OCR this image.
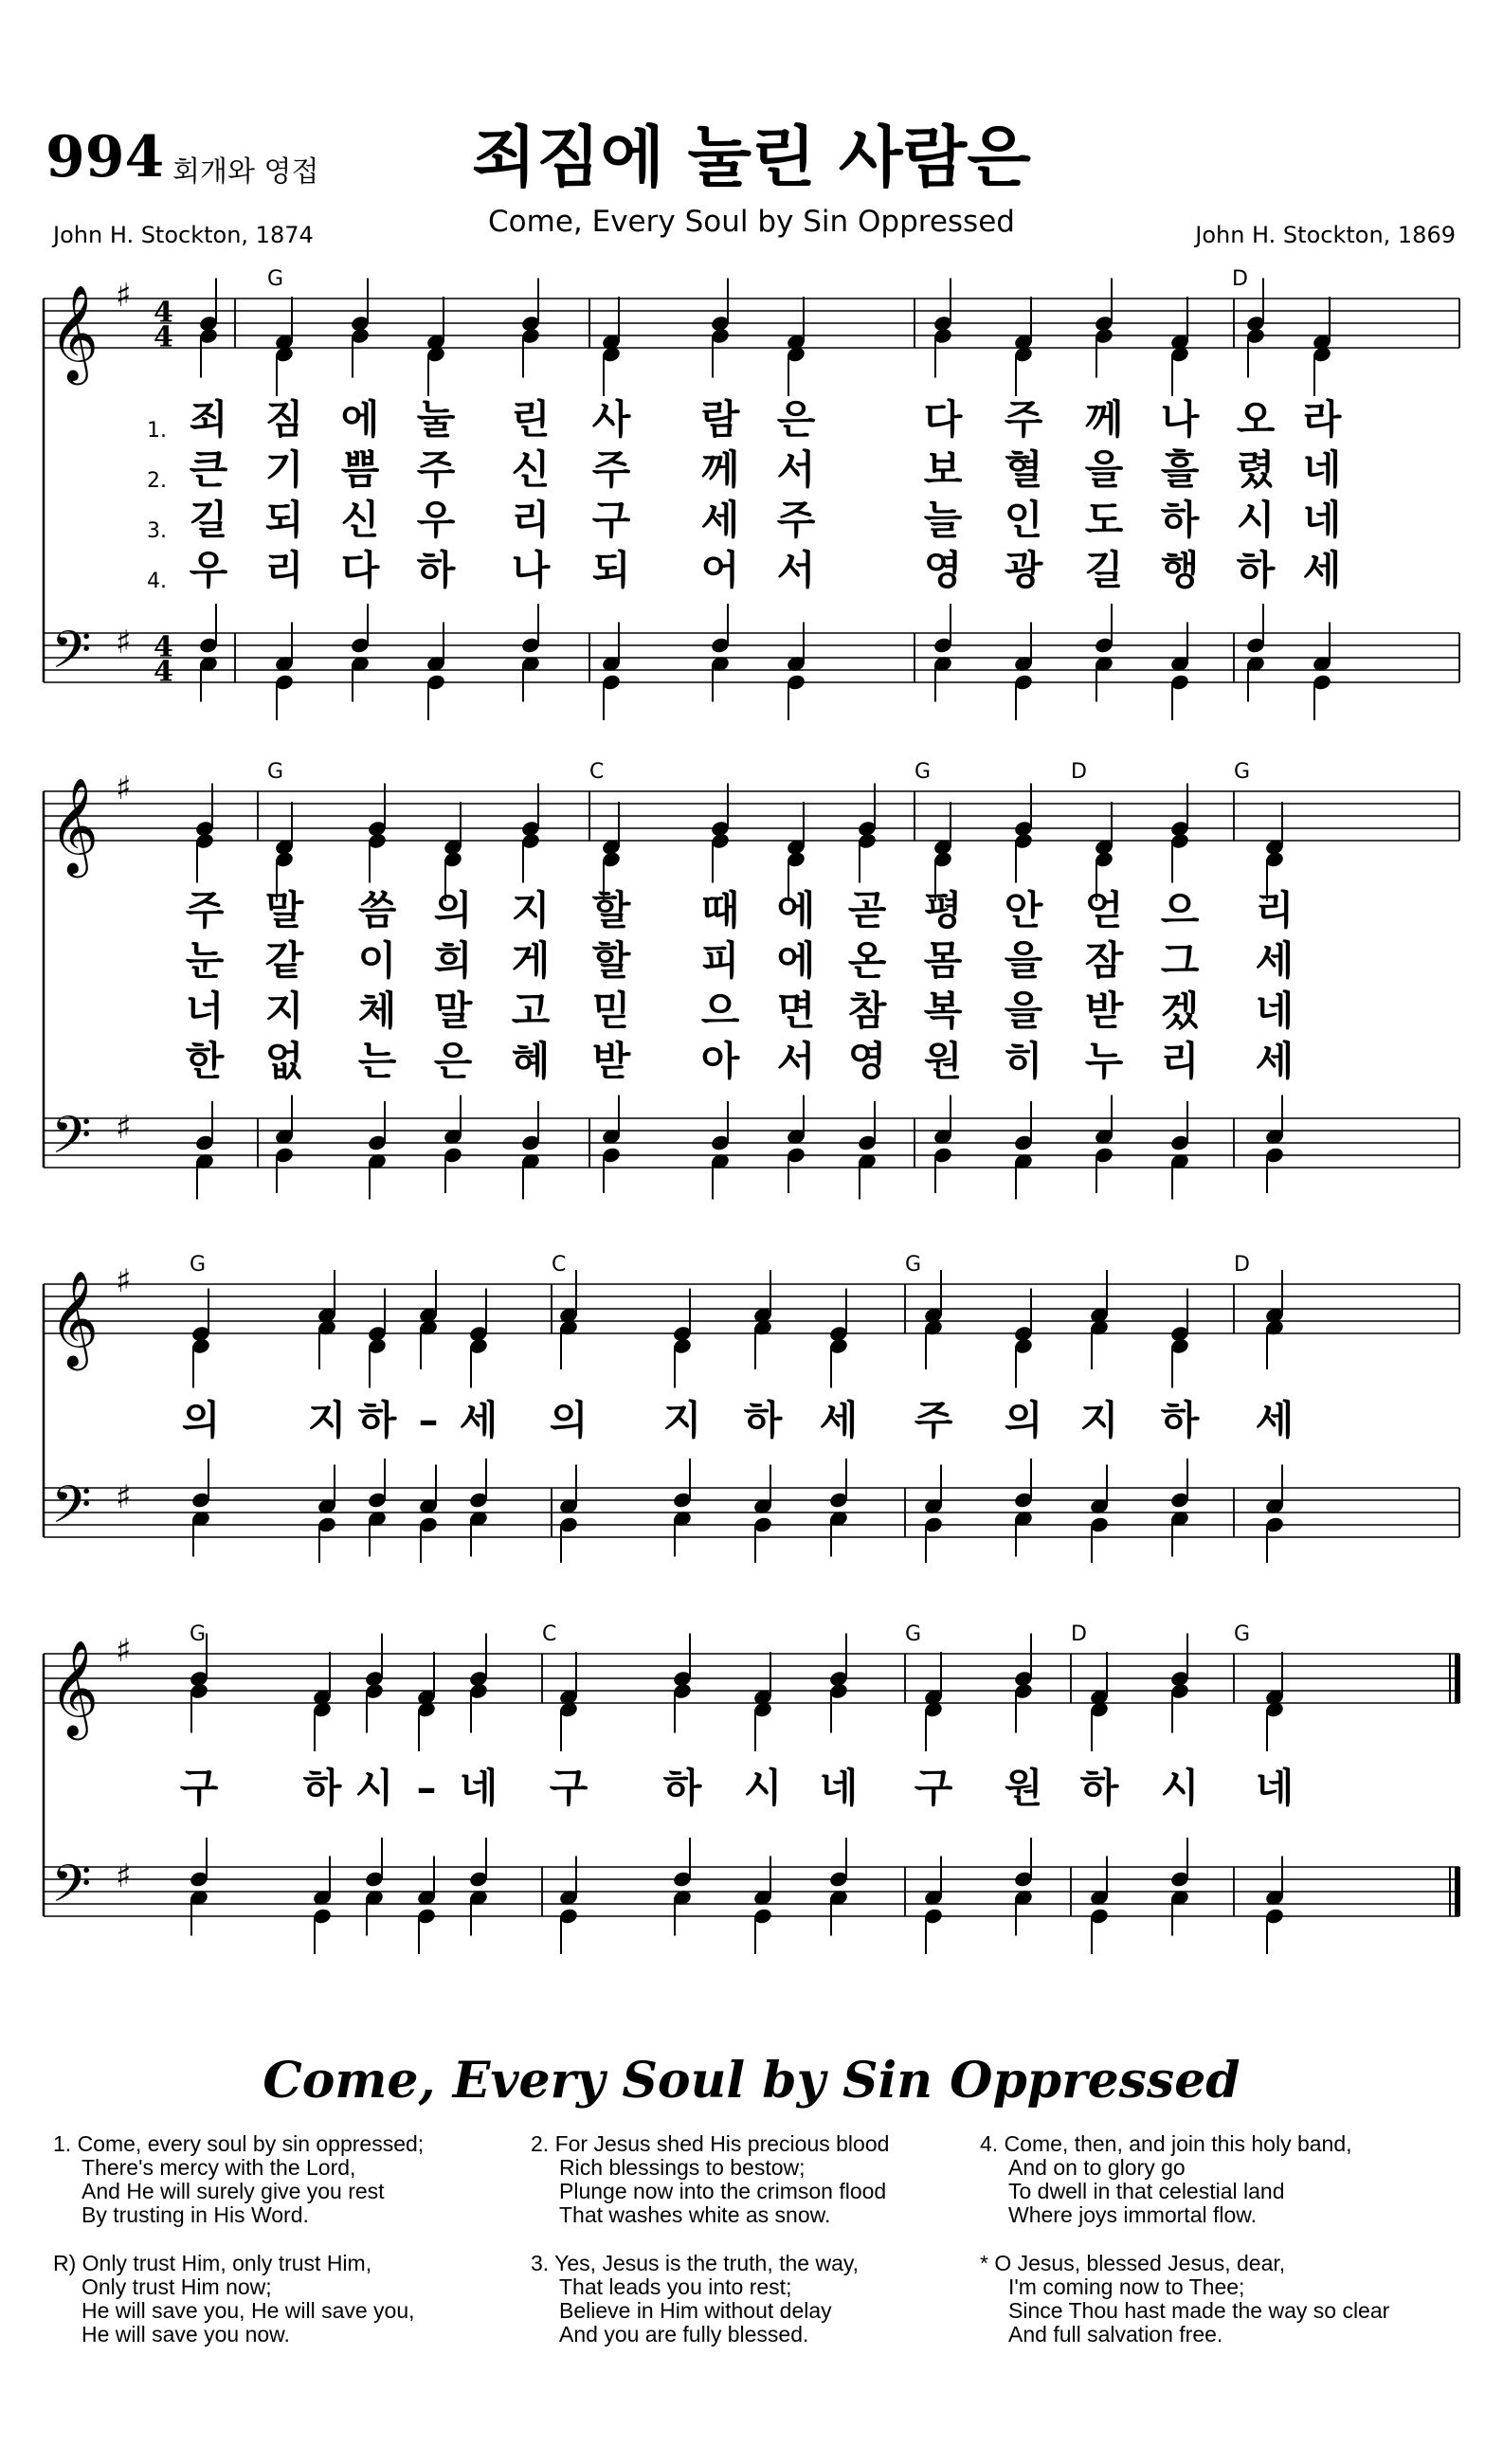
994 회개와 영접	죄짐에 눌린 사람은
Come, Every Soul by Sin Oppressed
John H. Stockton, 1874	John H. Stockton, 1869
𝄞
𝄢
♯
♯
4
4
4
4
G	D
𝄞
𝄢
♯
♯
G	C	G	D	G
𝄞
𝄢
♯
♯
G	C	G	D
𝄞
𝄢
♯
♯
G	C	G	D	G
1. 죄 짐 에 눌 린 사 람 은	다 주 께 나 오 라
2. 큰 기 쁨 주 신 주 께 서	보 혈 을 흘 렸 네
3. 길 되 신 우 리 구 세 주	늘 인 도 하 시 네
4. 우 리 다 하 나 되 어 서	영 광 길 행 하 세
주 말 씀 의 지 할 때 에 곧 평 안 얻 으 리
눈 같 이 희 게 할 피 에 온 몸 을 잠 그 세
너 지 체 말 고 믿 으 면 참 복 을 받 겠 네
한 없 는 은 혜 받 아 서 영 원 히 누 리 세
의 지 하 – 세 의 지 하 세 주 의 지 하 세
구 하 시 – 네 구 하 시 네 구 원 하 시 네
Come, Every Soul by Sin Oppressed
1. Come, every soul by sin oppressed;
There's mercy with the Lord,
And He will surely give you rest
By trusting in His Word.
R) Only trust Him, only trust Him,
Only trust Him now;
He will save you, He will save you,
He will save you now.
2. For Jesus shed His precious blood
Rich blessings to bestow;
Plunge now into the crimson flood
That washes white as snow.
3. Yes, Jesus is the truth, the way,
That leads you into rest;
Believe in Him without delay
And you are fully blessed.
4. Come, then, and join this holy band,
And on to glory go
To dwell in that celestial land
Where joys immortal flow.
* O Jesus, blessed Jesus, dear,
I'm coming now to Thee;
Since Thou hast made the way so clear
And full salvation free.
